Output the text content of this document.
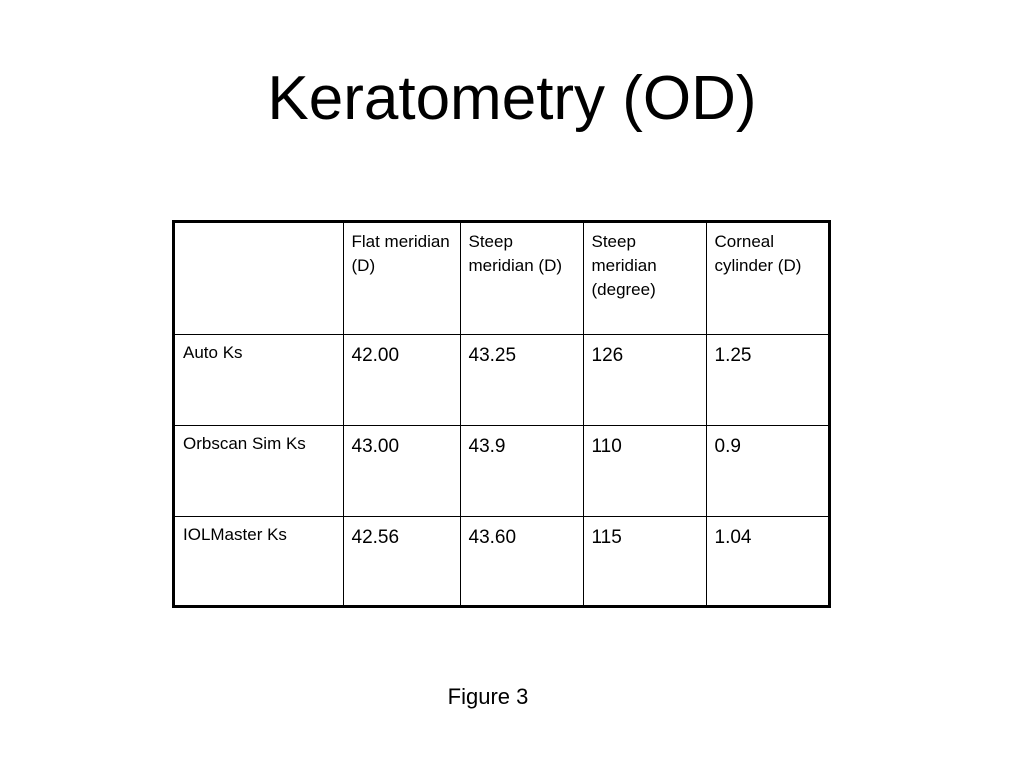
Keratometry (OD)
	Flat meridian (D)	Steep meridian (D)	Steep meridian (degree)	Corneal cylinder (D)
Auto Ks	42.00	43.25	126	1.25
Orbscan Sim Ks	43.00	43.9	110	0.9
IOLMaster Ks	42.56	43.60	115	1.04
Figure 3
